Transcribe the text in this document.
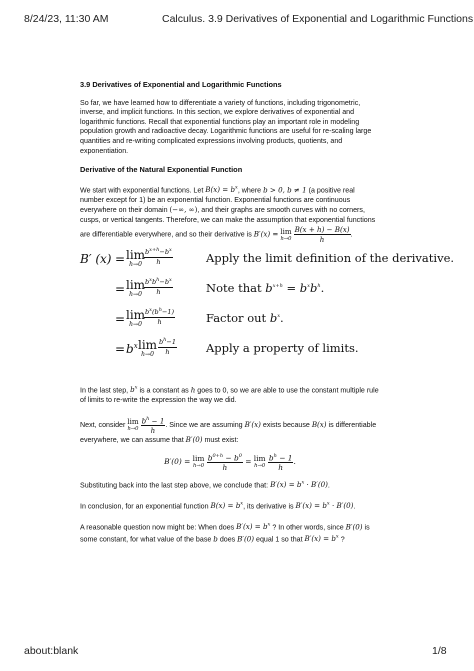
8/24/23, 11:30 AM	Calculus. 3.9 Derivatives of Exponential and Logarithmic Functions

3.9 Derivatives of Exponential and Logarithmic Functions

So far, we have learned how to differentiate a variety of functions, including trigonometric, inverse, and implicit functions. In this section, we explore derivatives of exponential and logarithmic functions. Recall that exponential functions play an important role in modeling population growth and radioactive decay. Logarithmic functions are useful for re-scaling large quantities and re-writing complicated expressions involving products, quotients, and exponentiation.

Derivative of the Natural Exponential Function

We start with exponential functions. Let $B(x) = b^x$, where b > 0, b ≠ 1 (a positive real number except for 1) be an exponential function. Exponential functions are continuous everywhere on their domain (−∞, ∞), and their graphs are smooth curves with no corners, cusps, or vertical tangents. Therefore, we can make the assumption that exponential functions are differentiable everywhere, and so their derivative is B′(x) = lim
h→0
$\frac{B(x + h) - B(x)}{h}$ .

B′ (x) = lim
$h\to 0 \frac{b^{x+h}-b^x}{h}$	Apply the limit definition of the derivative.
= lim
h→0
$b^xb^h-b^x$
h	Note that $b^{x+h} = b^xb^h$.
= lim
$h\to 0 \frac{b^x(b^h-1)}{h}$	Factor out $b^x$.
= $b^x$ lim
$h\to 0 \frac{b^h-1}{h}$	Apply a property of limits.

In the last step, $b^x$ is a constant as h goes to 0, so we are able to use the constant multiple rule of limits to re-write the expression the way we did.

Next, consider lim
h→0
$\frac{b^h - 1}{h}$ . Since we are assuming B′(x) exists because B(x) is differentiable everywhere, we can assume that B′(0) must exist:

B′(0) = lim
h→0
$\frac{b^{0+h} - b^0}{h} = \lim$
h→0
$\frac{b^h - 1}{h}$ .

Substituting back into the last step above, we conclude that: $B'(x) = b^x \cdot B'(0)$.

In conclusion, for an exponential function $B(x) = b^x$, its derivative is $B'(x) = b^x \cdot B'(0)$.

A reasonable question now might be: When does $B'(x) = b^x$ ? In other words, since B′(0) is some constant, for what value of the base b does B′(0) equal 1 so that $B'(x) = b^x$ ?

about:blank	1/8
